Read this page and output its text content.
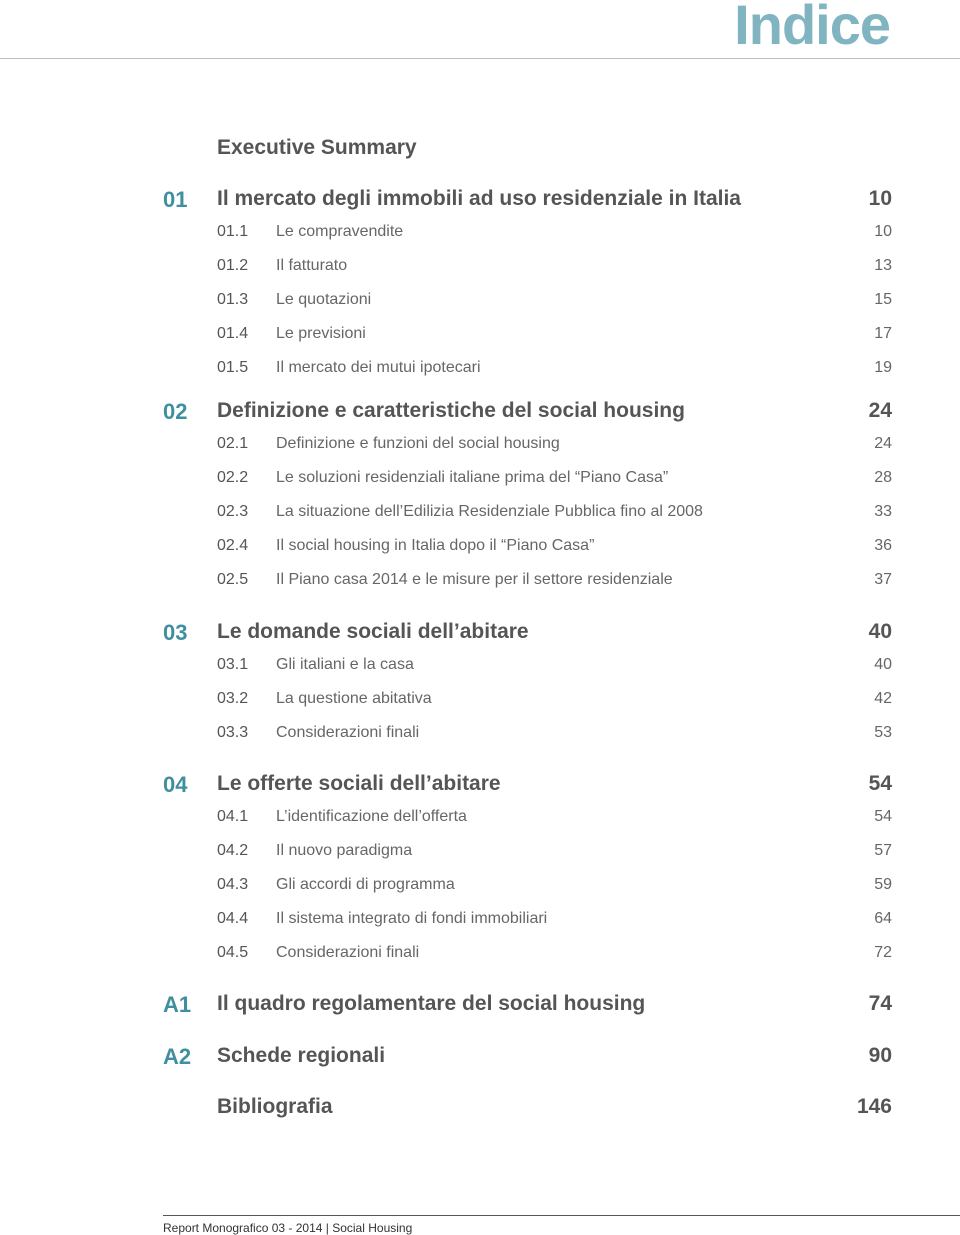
Indice
Executive Summary
01 Il mercato degli immobili ad uso residenziale in Italia	10
01.1 Le compravendite	10
01.2 Il fatturato	13
01.3 Le quotazioni	15
01.4 Le previsioni	17
01.5 Il mercato dei mutui ipotecari	19
02 Definizione e caratteristiche del social housing	24
02.1 Definizione e funzioni del social housing	24
02.2 Le soluzioni residenziali italiane prima del “Piano Casa”	28
02.3 La situazione dell’Edilizia Residenziale Pubblica fino al 2008	33
02.4 Il social housing in Italia dopo il “Piano Casa”	36
02.5 Il Piano casa 2014 e le misure per il settore residenziale	37
03 Le domande sociali dell’abitare	40
03.1 Gli italiani e la casa	40
03.2 La questione abitativa	42
03.3 Considerazioni finali	53
04 Le offerte sociali dell’abitare	54
04.1 L’identificazione dell’offerta	54
04.2 Il nuovo paradigma	57
04.3 Gli accordi di programma	59
04.4 Il sistema integrato di fondi immobiliari	64
04.5 Considerazioni finali	72
A1 Il quadro regolamentare del social housing	74
A2 Schede regionali	90
Bibliografia	146
Report Monografico 03 - 2014 | Social Housing
